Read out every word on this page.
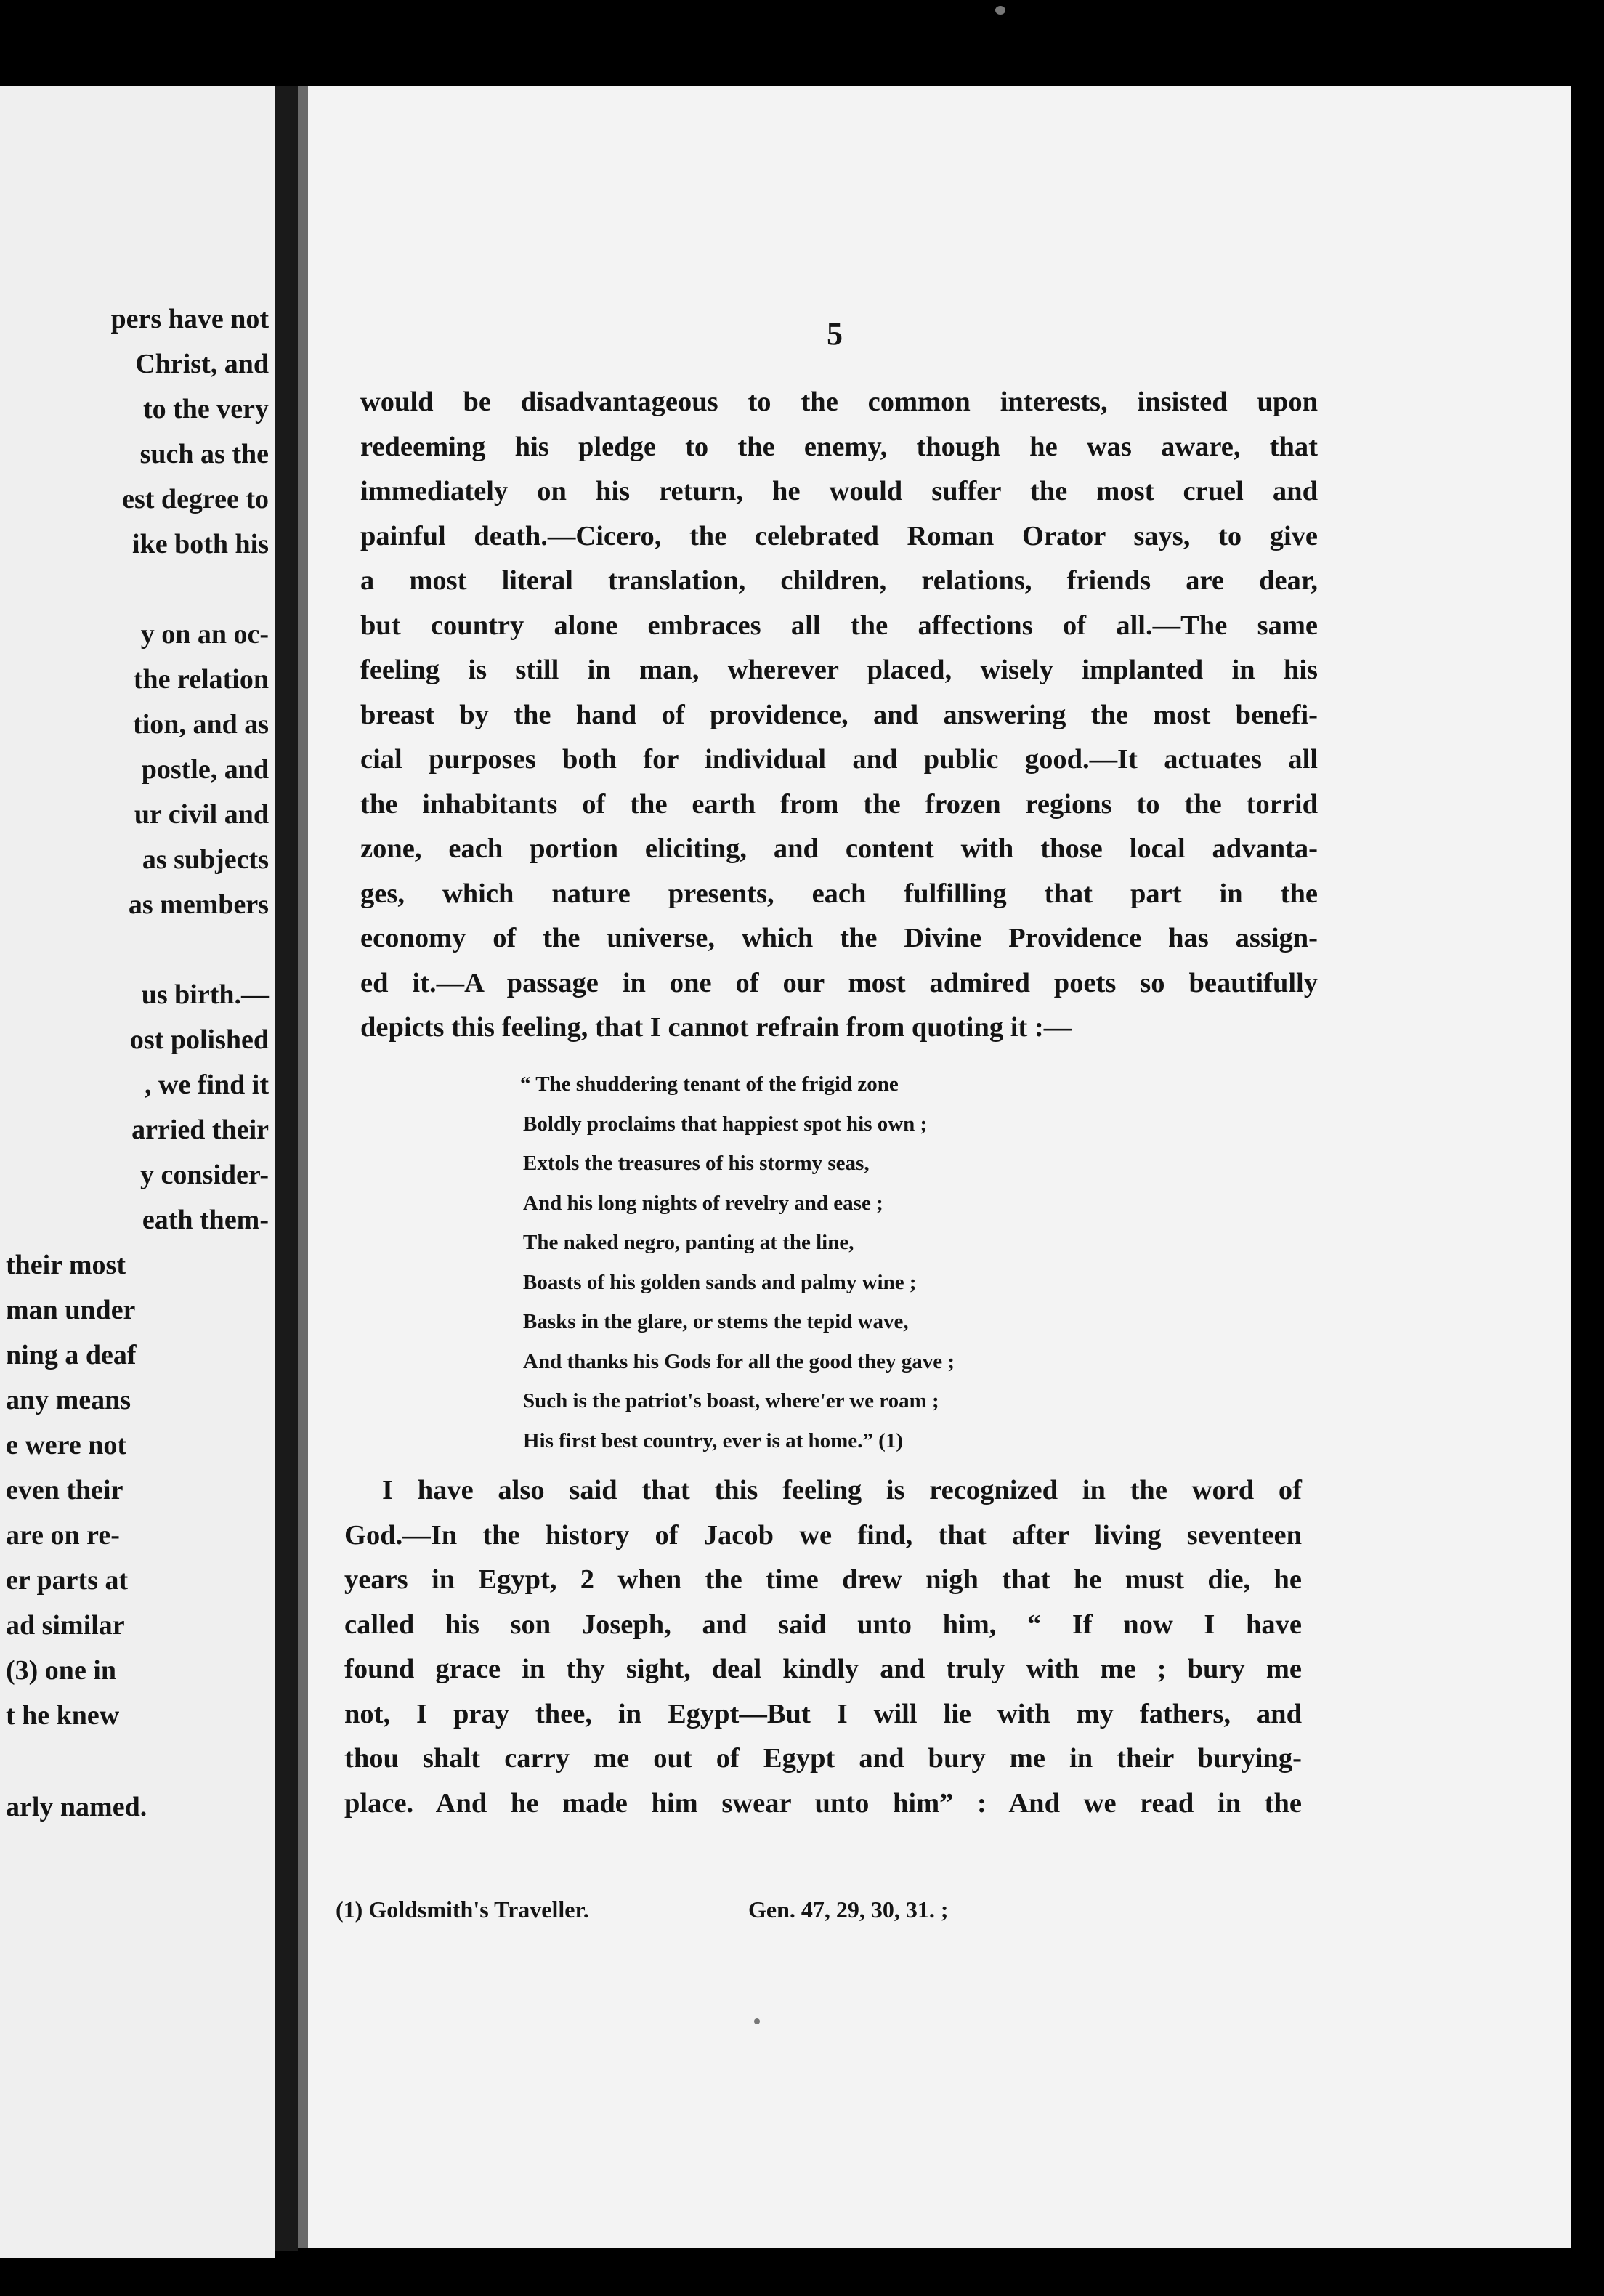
pers have not
Christ, and
to the very
such as the
est degree to
ike both his
y on an oc-
the relation
tion, and as
postle, and
ur civil and
as subjects
as members
us birth.—
ost polished
, we find it
arried their
y consider-
eath them-
their most
man under
ning a deaf
any means
e were not
even their
are on re-
er parts at
ad similar
(3) one in
t he knew
arly named.
5
would be disadvantageous to the common interests, insisted upon
redeeming his pledge to the enemy, though he was aware, that
immediately on his return, he would suffer the most cruel and
painful death.—Cicero, the celebrated Roman Orator says, to give
a most literal translation, children, relations, friends are dear,
but country alone embraces all the affections of all.—The same
feeling is still in man, wherever placed, wisely implanted in his
breast by the hand of providence, and answering the most benefi-
cial purposes both for individual and public good.—It actuates all
the inhabitants of the earth from the frozen regions to the torrid
zone, each portion eliciting, and content with those local advanta-
ges, which nature presents, each fulfilling that part in the
economy of the universe, which the Divine Providence has assign-
ed it.—A passage in one of our most admired poets so beautifully
depicts this feeling, that I cannot refrain from quoting it :—
“ The shuddering tenant of the frigid zone
Boldly proclaims that happiest spot his own ;
Extols the treasures of his stormy seas,
And his long nights of revelry and ease ;
The naked negro, panting at the line,
Boasts of his golden sands and palmy wine ;
Basks in the glare, or stems the tepid wave,
And thanks his Gods for all the good they gave ;
Such is the patriot's boast, where'er we roam ;
His first best country, ever is at home.” (1)
I have also said that this feeling is recognized in the word of
God.—In the history of Jacob we find, that after living seventeen
years in Egypt, 2 when the time drew nigh that he must die, he
called his son Joseph, and said unto him, “ If now I have
found grace in thy sight, deal kindly and truly with me ; bury me
not, I pray thee, in Egypt—But I will lie with my fathers, and
thou shalt carry me out of Egypt and bury me in their burying-
place. And he made him swear unto him” : And we read in the
(1) Goldsmith's Traveller.	Gen. 47, 29, 30, 31. ;
